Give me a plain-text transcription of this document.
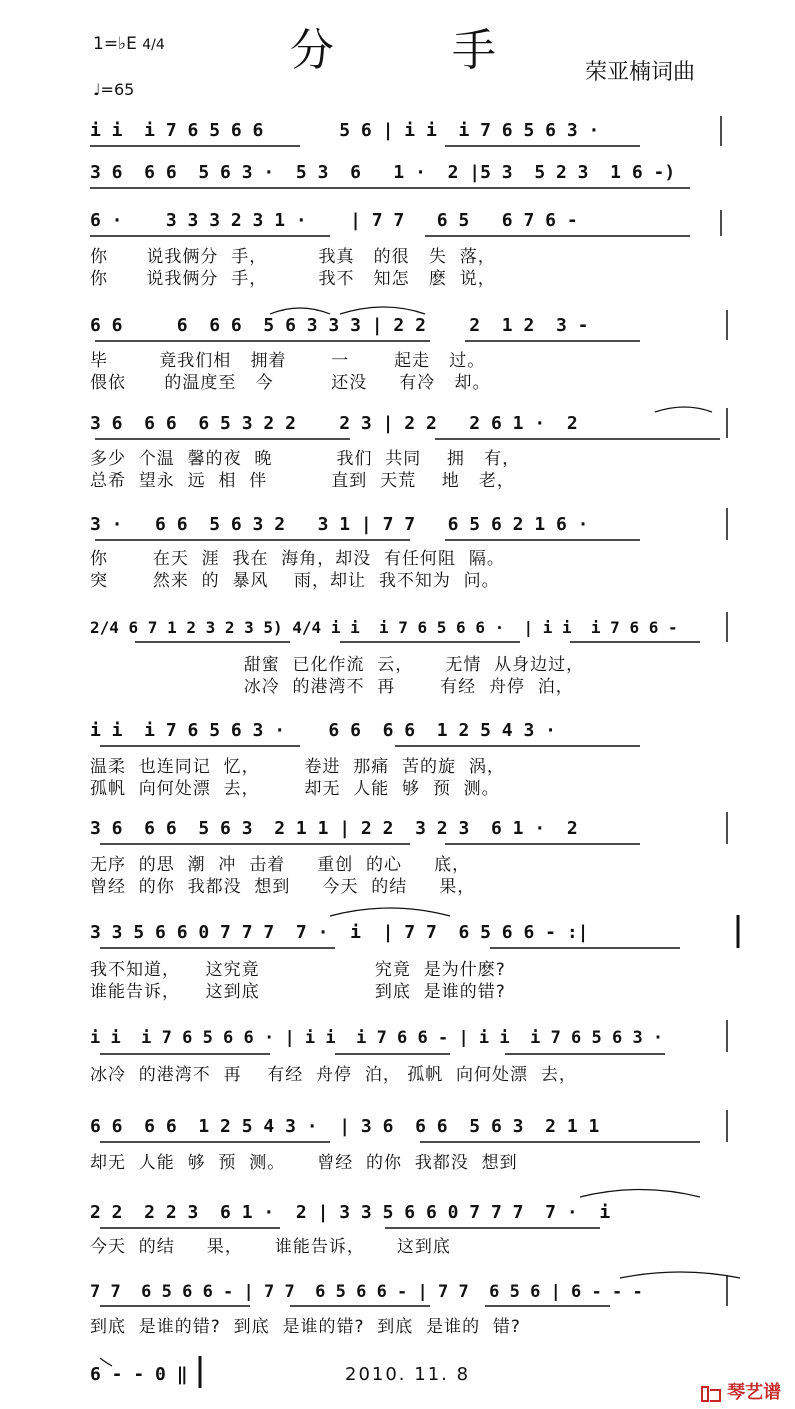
分 手
1=♭E 4/4
♩=65
荣亚楠词曲
i i  i 7 6 5 6 6       5 6 | i i  i 7 6 5 6 3 ·
3 6  6 6  5 6 3 ·  5 3  6   1 ·  2 |5 3  5 2 3  1 6 -)
6 ·    3 3 3 2 3 1 ·    | 7 7   6 5   6 7 6 -
你      说我俩分  手，        我真   的很   失  落，
你      说我俩分  手，        我不   知怎   麽  说，
6 6     6  6 6  5 6 3 3 3 | 2 2    2  1 2  3 -
毕        竟我们相   拥着       一       起走   过。
偎依      的温度至   今         还没     有冷   却。
3 6  6 6  6 5 3 2 2    2 3 | 2 2   2 6 1 ·  2
多少  个温  馨的夜  晚          我们  共同    拥   有，
总希  望永  远  相  伴          直到  天荒    地   老，
3 ·   6 6  5 6 3 2   3 1 | 7 7   6 5 6 2 1 6 ·
你       在天  涯  我在  海角，却没  有任何阻  隔。
突       然来  的  暴风    雨，却让  我不知为  问。
2/4 6 7 1 2 3 2 3 5) 4/4 i i  i 7 6 5 6 6 ·  | i i  i 7 6 6 -
甜蜜  已化作流  云，     无情  从身边过，
冰冷  的港湾不  再       有经  舟停  泊，
i i  i 7 6 5 6 3 ·    6 6  6 6  1 2 5 4 3 ·
温柔  也连同记  忆，       卷进  那痛  苦的旋  涡，
孤帆  向何处漂  去，       却无  人能  够  预  测。
3 6  6 6  5 6 3  2 1 1 | 2 2  3 2 3  6 1 ·  2
无序  的思  潮  冲  击着     重创  的心     底，
曾经  的你  我都没  想到     今天  的结     果，
3 3 5 6 6 0 7 7 7  7 ·  i  | 7 7  6 5 6 6 - :|
我不知道，    这究竟                  究竟  是为什麽?
谁能告诉，    这到底                  到底  是谁的错?
i i  i 7 6 5 6 6 · | i i  i 7 6 6 - | i i  i 7 6 5 6 3 ·
冰冷  的港湾不  再    有经  舟停  泊， 孤帆  向何处漂  去，
6 6  6 6  1 2 5 4 3 ·  | 3 6  6 6  5 6 3  2 1 1
却无  人能  够  预  测。     曾经  的你  我都没  想到
2 2  2 2 3  6 1 ·  2 | 3 3 5 6 6 0 7 7 7  7 ·  i
今天  的结     果，     谁能告诉，     这到底
7 7  6 5 6 6 - | 7 7  6 5 6 6 - | 7 7  6 5 6 | 6 - - -
到底  是谁的错?  到底  是谁的错?  到底  是谁的  错?
6 - - 0 ‖	2010. 11. 8
琴艺谱
